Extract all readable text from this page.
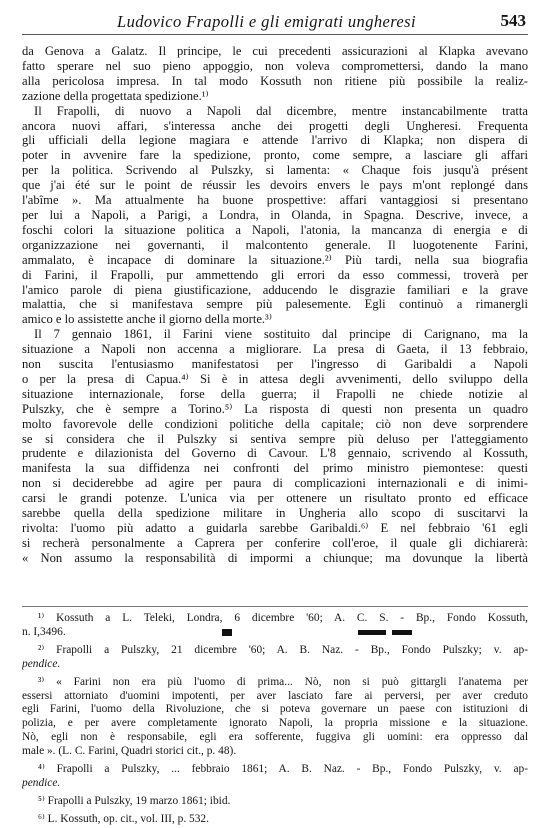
Ludovico Frapolli e gli emigrati ungheresi	543
da Genova a Galatz. Il principe, le cui precedenti assicurazioni al Klapka avevano
fatto sperare nel suo pieno appoggio, non voleva compromettersi, dando la mano
alla pericolosa impresa. In tal modo Kossuth non ritiene più possibile la realiz-
zazione della progettata spedizione.¹⁾
Il Frapolli, di nuovo a Napoli dal dicembre, mentre instancabilmente tratta
ancora nuovi affari, s'interessa anche dei progetti degli Ungheresi. Frequenta
gli ufficiali della legione magiara e attende l'arrivo di Klapka; non dispera di
poter in avvenire fare la spedizione, pronto, come sempre, a lasciare gli affari
per la politica. Scrivendo al Pulszky, si lamenta: « Chaque fois jusqu'à présent
que j'ai été sur le point de réussir les devoirs envers le pays m'ont replongé dans
l'abîme ». Ma attualmente ha buone prospettive: affari vantaggiosi si presentano
per lui a Napoli, a Parigi, a Londra, in Olanda, in Spagna. Descrive, invece, a
foschi colori la situazione politica a Napoli, l'atonia, la mancanza di energia e di
organizzazione nei governanti, il malcontento generale. Il luogotenente Farini,
ammalato, è incapace di dominare la situazione.²⁾ Più tardi, nella sua biografia
di Farini, il Frapolli, pur ammettendo gli errori da esso commessi, troverà per
l'amico parole di piena giustificazione, adducendo le disgrazie familiari e la grave
malattia, che si manifestava sempre più palesemente. Egli continuò a rimanergli
amico e lo assistette anche il giorno della morte.³⁾
Il 7 gennaio 1861, il Farini viene sostituito dal principe di Carignano, ma la
situazione a Napoli non accenna a migliorare. La presa di Gaeta, il 13 febbraio,
non suscita l'entusiasmo manifestatosi per l'ingresso di Garibaldi a Napoli
o per la presa di Capua.⁴⁾ Si è in attesa degli avvenimenti, dello sviluppo della
situazione internazionale, forse della guerra; il Frapolli ne chiede notizie al
Pulszky, che è sempre a Torino.⁵⁾ La risposta di questi non presenta un quadro
molto favorevole delle condizioni politiche della capitale; ciò non deve sorprendere
se si considera che il Pulszky si sentiva sempre più deluso per l'atteggiamento
prudente e dilazionista del Governo di Cavour. L'8 gennaio, scrivendo al Kossuth,
manifesta la sua diffidenza nei confronti del primo ministro piemontese: questi
non si deciderebbe ad agire per paura di complicazioni internazionali e di inimi-
carsi le grandi potenze. L'unica via per ottenere un risultato pronto ed efficace
sarebbe quella della spedizione militare in Ungheria allo scopo di suscitarvi la
rivolta: l'uomo più adatto a guidarla sarebbe Garibaldi.⁶⁾ E nel febbraio '61 egli
si recherà personalmente a Caprera per conferire coll'eroe, il quale gli dichiarerà:
« Non assumo la responsabilità di impormi a chiunque; ma dovunque la libertà
¹⁾ Kossuth a L. Teleki, Londra, 6 dicembre '60; A. C. S. - Bp., Fondo Kossuth,
n. I,3496.
²⁾ Frapolli a Pulszky, 21 dicembre '60; A. B. Naz. - Bp., Fondo Pulszky; v. ap-
pendice.
³⁾ « Farini non era più l'uomo di prima... Nò, non si può gittargli l'anatema per
essersi attorniato d'uomini impotenti, per aver lasciato fare ai perversi, per aver creduto
egli Farini, l'uomo della Rivoluzione, che si poteva governare un paese con istituzioni di
polizia, e per avere completamente ignorato Napoli, la propria missione e la situazione.
Nò, egli non è responsabile, egli era sofferente, fuggiva gli uomini: era oppresso dal
male ». (L. C. Farini, Quadri storici cit., p. 48).
⁴⁾ Frapolli a Pulszky, ... febbraio 1861; A. B. Naz. - Bp., Fondo Pulszky, v. ap-
pendice.
⁵⁾ Frapolli a Pulszky, 19 marzo 1861; ibid.
⁶⁾ L. Kossuth, op. cit., vol. III, p. 532.
